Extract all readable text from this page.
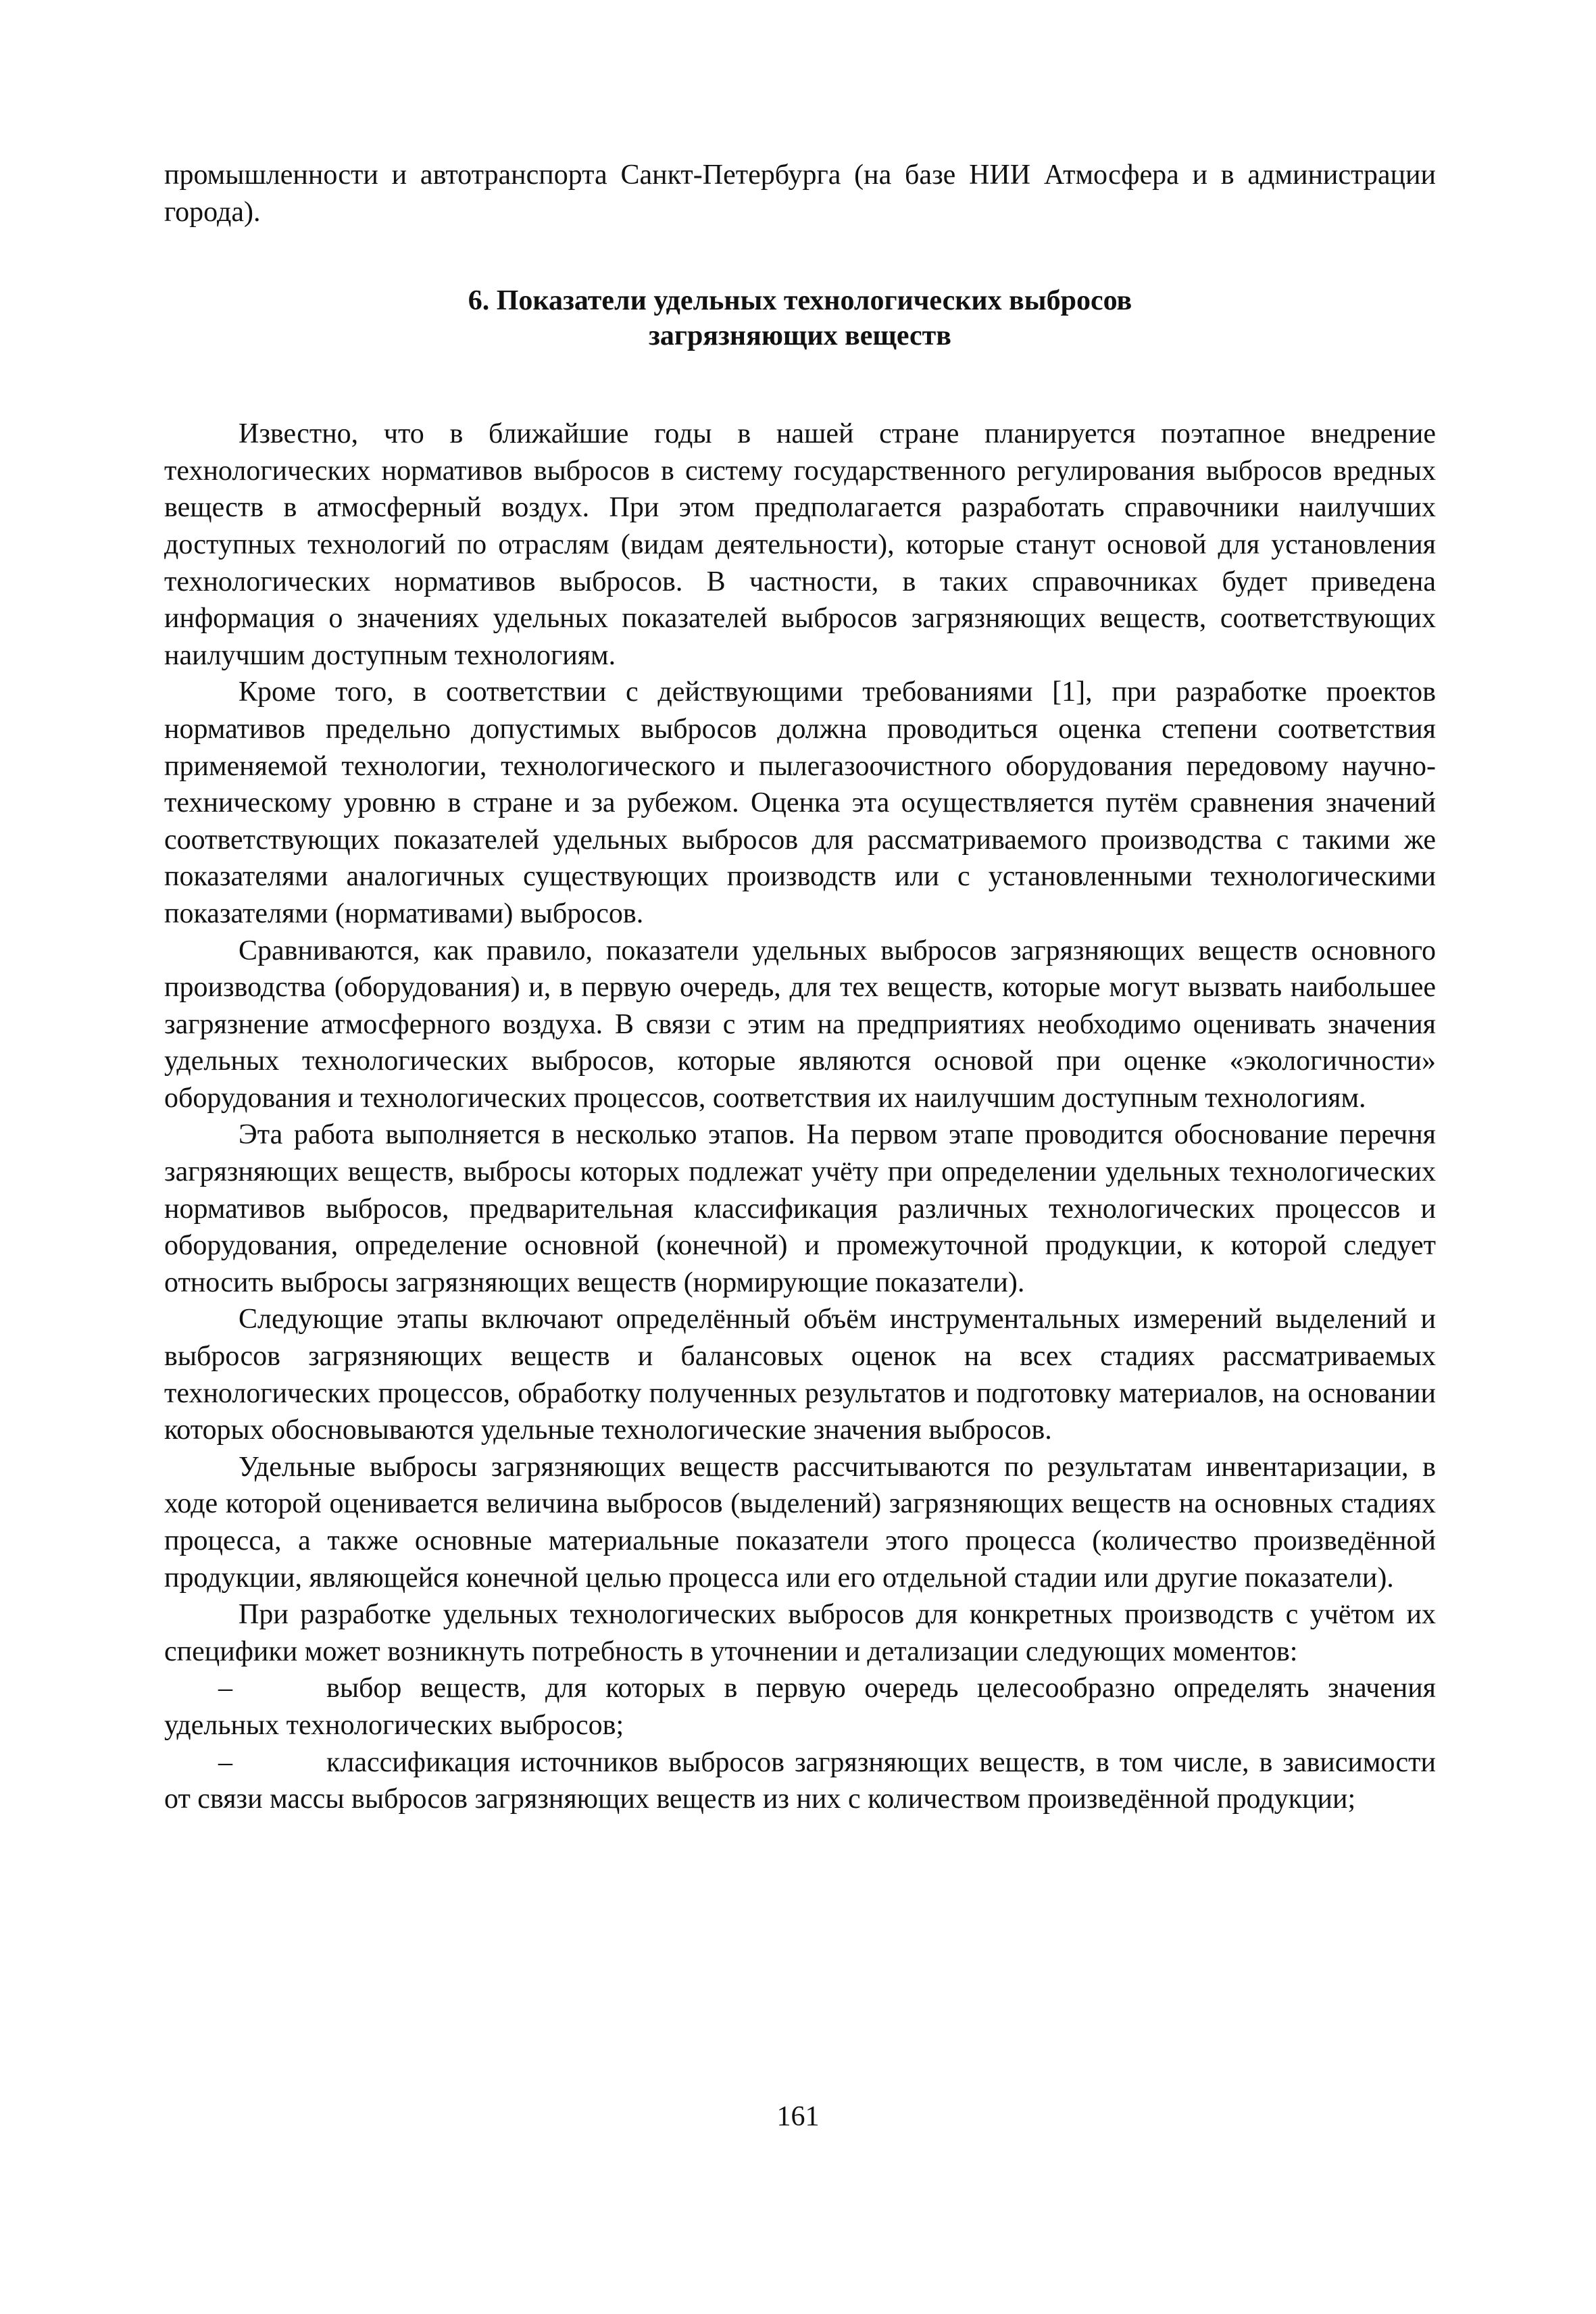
промышленности и автотранспорта Санкт-Петербурга (на базе НИИ Атмосфера и в администрации города).

6. Показатели удельных технологических выбросов
загрязняющих веществ

Известно, что в ближайшие годы в нашей стране планируется поэтапное внедрение технологических нормативов выбросов в систему государственного регулирования выбросов вредных веществ в атмосферный воздух. При этом предполагается разработать справочники наилучших доступных технологий по отраслям (видам деятельности), которые станут основой для установления технологических нормативов выбросов. В частности, в таких справочниках будет приведена информация о значениях удельных показателей выбросов загрязняющих веществ, соответствующих наилучшим доступным технологиям.

Кроме того, в соответствии с действующими требованиями [1], при разработке проектов нормативов предельно допустимых выбросов должна проводиться оценка степени соответствия применяемой технологии, технологического и пылегазоочистного оборудования передовому научно-техническому уровню в стране и за рубежом. Оценка эта осуществляется путём сравнения значений соответствующих показателей удельных выбросов для рассматриваемого производства с такими же показателями аналогичных существующих производств или с установленными технологическими показателями (нормативами) выбросов.

Сравниваются, как правило, показатели удельных выбросов загрязняющих веществ основного производства (оборудования) и, в первую очередь, для тех веществ, которые могут вызвать наибольшее загрязнение атмосферного воздуха. В связи с этим на предприятиях необходимо оценивать значения удельных технологических выбросов, которые являются основой при оценке «экологичности» оборудования и технологических процессов, соответствия их наилучшим доступным технологиям.

Эта работа выполняется в несколько этапов. На первом этапе проводится обоснование перечня загрязняющих веществ, выбросы которых подлежат учёту при определении удельных технологических нормативов выбросов, предварительная классификация различных технологических процессов и оборудования, определение основной (конечной) и промежуточной продукции, к которой следует относить выбросы загрязняющих веществ (нормирующие показатели).

Следующие этапы включают определённый объём инструментальных измерений выделений и выбросов загрязняющих веществ и балансовых оценок на всех стадиях рассматриваемых технологических процессов, обработку полученных результатов и подготовку материалов, на основании которых обосновываются удельные технологические значения выбросов.

Удельные выбросы загрязняющих веществ рассчитываются по результатам инвентаризации, в ходе которой оценивается величина выбросов (выделений) загрязняющих веществ на основных стадиях процесса, а также основные материальные показатели этого процесса (количество произведённой продукции, являющейся конечной целью процесса или его отдельной стадии или другие показатели).

При разработке удельных технологических выбросов для конкретных производств с учётом их специфики может возникнуть потребность в уточнении и детализации следующих моментов:

–	выбор веществ, для которых в первую очередь целесообразно определять значения удельных технологических выбросов;

–	классификация источников выбросов загрязняющих веществ, в том числе, в зависимости от связи массы выбросов загрязняющих веществ из них с количеством произведённой продукции;

161
